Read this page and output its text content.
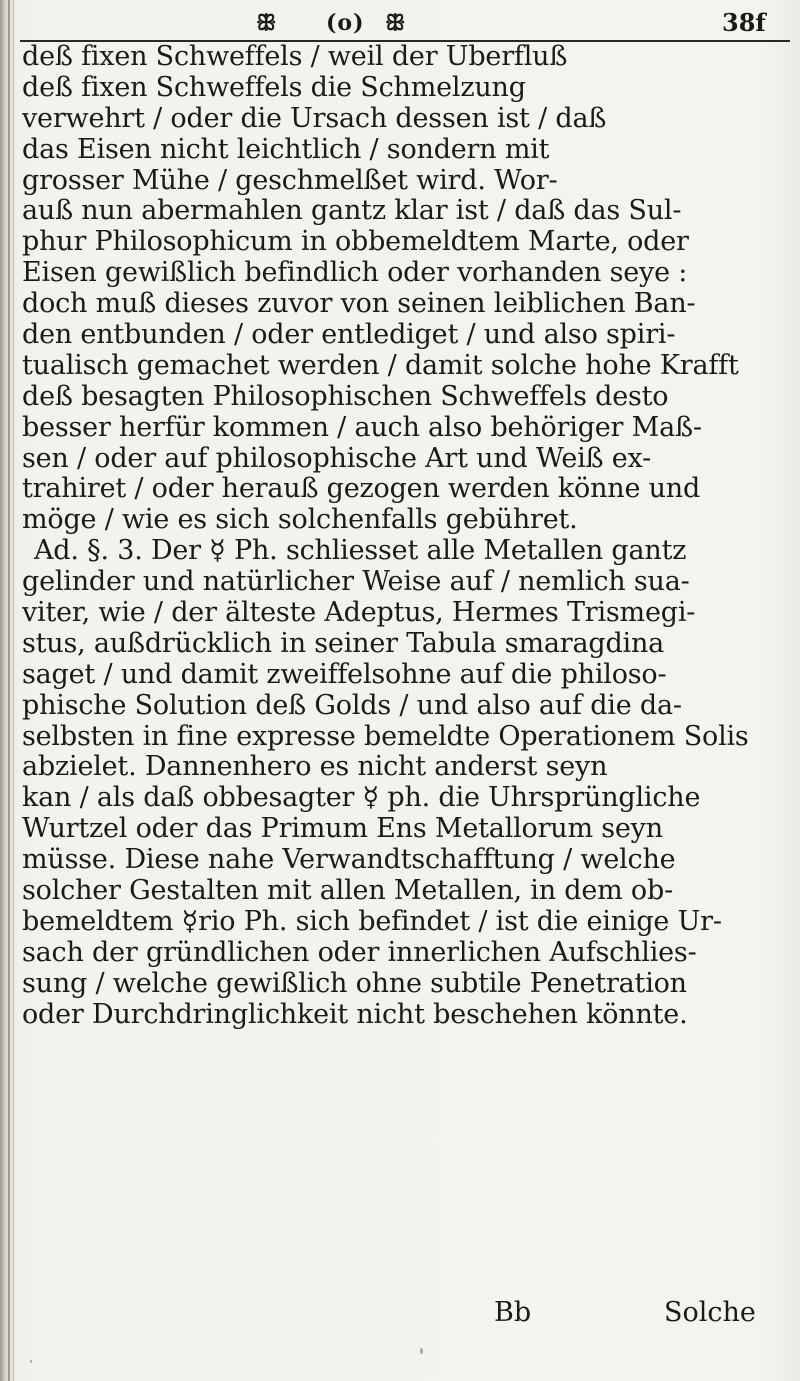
ꕥ (o) ꕥ	38f
deß fixen Schweffels / weil der Uberfluß
deß fixen Schweffels die Schmelzung
verwehrt / oder die Ursach dessen ist / daß
das Eisen nicht leichtlich / sondern mit
grosser Mühe / geschmelßet wird. Wor-
auß nun abermahlen gantz klar ist / daß das Sul-
phur Philosophicum in obbemeldtem Marte, oder
Eisen gewißlich befindlich oder vorhanden seye :
doch muß dieses zuvor von seinen leiblichen Ban-
den entbunden / oder entlediget / und also spiri-
tualisch gemachet werden / damit solche hohe Krafft
deß besagten Philosophischen Schweffels desto
besser herfür kommen / auch also behöriger Maß-
sen / oder auf philosophische Art und Weiß ex-
trahiret / oder herauß gezogen werden könne und
möge / wie es sich solchenfalls gebühret.
Ad. §. 3. Der ☿ Ph. schliesset alle Metallen gantz
gelinder und natürlicher Weise auf / nemlich sua-
viter, wie / der älteste Adeptus, Hermes Trismegi-
stus, außdrücklich in seiner Tabula smaragdina
saget / und damit zweiffelsohne auf die philoso-
phische Solution deß Golds / und also auf die da-
selbsten in fine expresse bemeldte Operationem Solis
abzielet. Dannenhero es nicht anderst seyn
kan / als daß obbesagter ☿ ph. die Uhrsprüngliche
Wurtzel oder das Primum Ens Metallorum seyn
müsse. Diese nahe Verwandtschafftung / welche
solcher Gestalten mit allen Metallen, in dem ob-
bemeldtem ☿rio Ph. sich befindet / ist die einige Ur-
sach der gründlichen oder innerlichen Aufschlies-
sung / welche gewißlich ohne subtile Penetration
oder Durchdringlichkeit nicht beschehen könnte.
Bb	Solche
